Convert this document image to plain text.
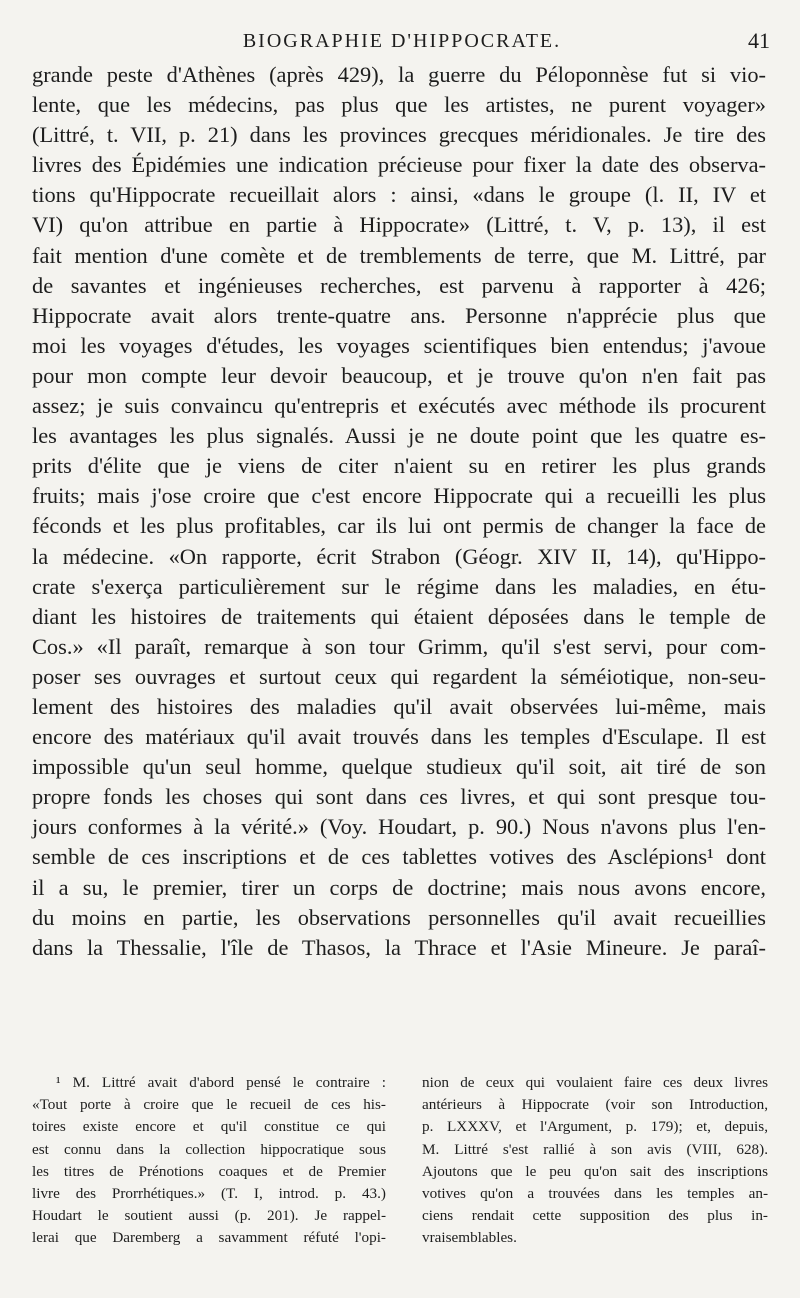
BIOGRAPHIE D'HIPPOCRATE.	41
grande peste d'Athènes (après 429), la guerre du Péloponnèse fut si vio-
lente, que les médecins, pas plus que les artistes, ne purent voyager»
(Littré, t. VII, p. 21) dans les provinces grecques méridionales. Je tire des
livres des Épidémies une indication précieuse pour fixer la date des observa-
tions qu'Hippocrate recueillait alors : ainsi, «dans le groupe (l. II, IV et
VI) qu'on attribue en partie à Hippocrate» (Littré, t. V, p. 13), il est
fait mention d'une comète et de tremblements de terre, que M. Littré, par
de savantes et ingénieuses recherches, est parvenu à rapporter à 426;
Hippocrate avait alors trente-quatre ans. Personne n'apprécie plus que
moi les voyages d'études, les voyages scientifiques bien entendus; j'avoue
pour mon compte leur devoir beaucoup, et je trouve qu'on n'en fait pas
assez; je suis convaincu qu'entrepris et exécutés avec méthode ils procurent
les avantages les plus signalés. Aussi je ne doute point que les quatre es-
prits d'élite que je viens de citer n'aient su en retirer les plus grands
fruits; mais j'ose croire que c'est encore Hippocrate qui a recueilli les plus
féconds et les plus profitables, car ils lui ont permis de changer la face de
la médecine. «On rapporte, écrit Strabon (Géogr. XIV II, 14), qu'Hippo-
crate s'exerça particulièrement sur le régime dans les maladies, en étu-
diant les histoires de traitements qui étaient déposées dans le temple de
Cos.» «Il paraît, remarque à son tour Grimm, qu'il s'est servi, pour com-
poser ses ouvrages et surtout ceux qui regardent la séméiotique, non-seu-
lement des histoires des maladies qu'il avait observées lui-même, mais
encore des matériaux qu'il avait trouvés dans les temples d'Esculape. Il est
impossible qu'un seul homme, quelque studieux qu'il soit, ait tiré de son
propre fonds les choses qui sont dans ces livres, et qui sont presque tou-
jours conformes à la vérité.» (Voy. Houdart, p. 90.) Nous n'avons plus l'en-
semble de ces inscriptions et de ces tablettes votives des Asclépions¹ dont
il a su, le premier, tirer un corps de doctrine; mais nous avons encore,
du moins en partie, les observations personnelles qu'il avait recueillies
dans la Thessalie, l'île de Thasos, la Thrace et l'Asie Mineure. Je paraî-
¹ M. Littré avait d'abord pensé le contraire :
«Tout porte à croire que le recueil de ces his-
toires existe encore et qu'il constitue ce qui
est connu dans la collection hippocratique sous
les titres de Prénotions coaques et de Premier
livre des Prorrhétiques.» (T. I, introd. p. 43.)
Houdart le soutient aussi (p. 201). Je rappel-
lerai que Daremberg a savamment réfuté l'opi-
nion de ceux qui voulaient faire ces deux livres
antérieurs à Hippocrate (voir son Introduction,
p. LXXXV, et l'Argument, p. 179); et, depuis,
M. Littré s'est rallié à son avis (VIII, 628).
Ajoutons que le peu qu'on sait des inscriptions
votives qu'on a trouvées dans les temples an-
ciens rendait cette supposition des plus in-
vraisemblables.
